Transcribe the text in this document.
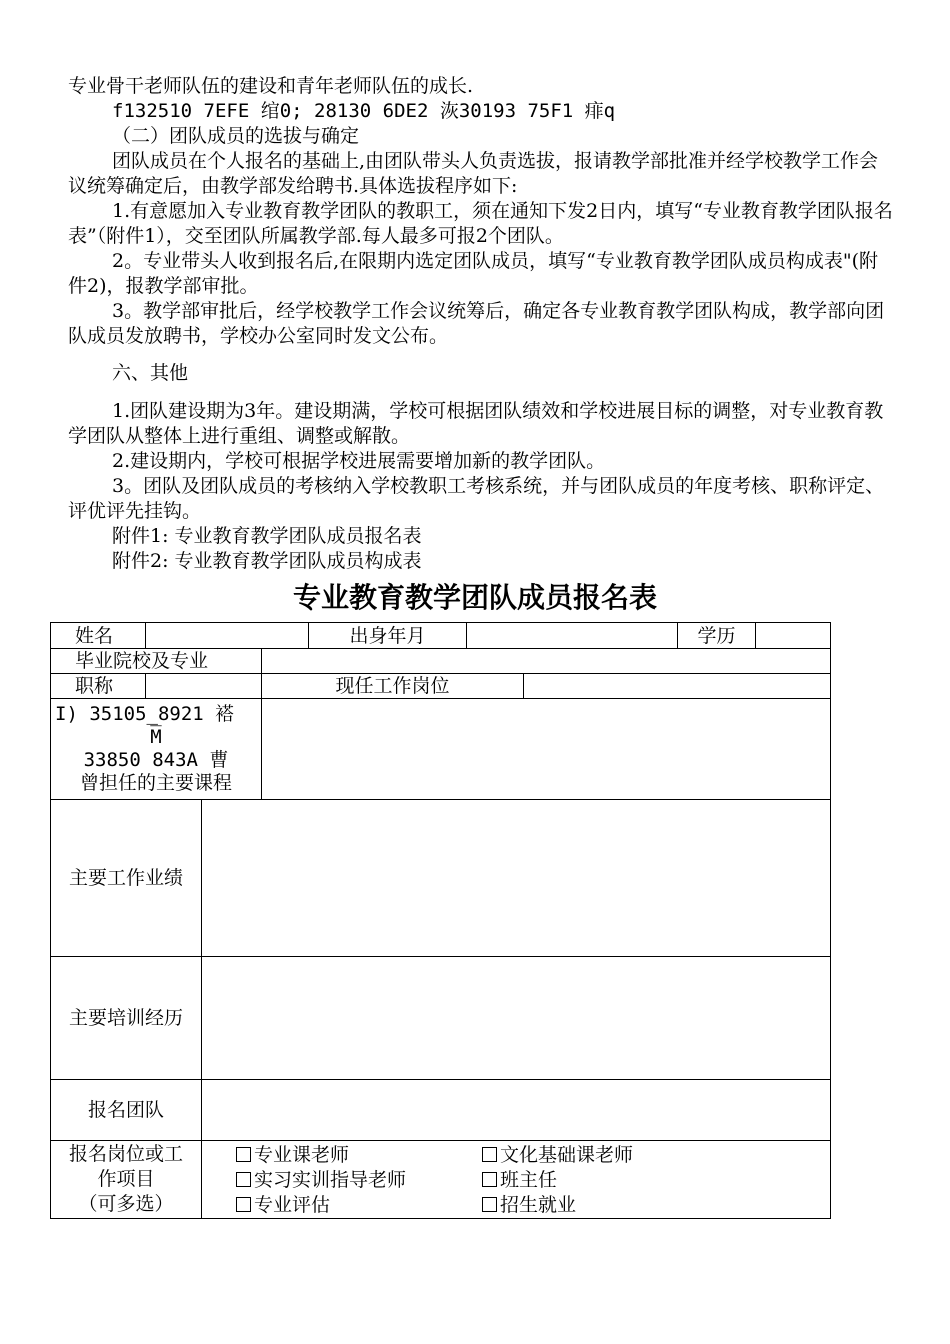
专业骨干老师队伍的建设和青年老师队伍的成长.
f132510 7EFE 绾0; 28130 6DE2 洃30193 75F1 痱q
（二）团队成员的选拔与确定
团队成员在个人报名的基础上,由团队带头人负责选拔，报请教学部批准并经学校教学工作会议统筹确定后，由教学部发给聘书.具体选拔程序如下:
1.有意愿加入专业教育教学团队的教职工，须在通知下发2日内，填写“专业教育教学团队报名表”（附件1），交至团队所属教学部.每人最多可报2个团队。
2。专业带头人收到报名后,在限期内选定团队成员，填写“专业教育教学团队成员构成表"(附件2)，报教学部审批。
3。教学部审批后，经学校教学工作会议统筹后，确定各专业教育教学团队构成，教学部向团队成员发放聘书，学校办公室同时发文公布。
六、其他
1.团队建设期为3年。建设期满，学校可根据团队绩效和学校进展目标的调整，对专业教育教学团队从整体上进行重组、调整或解散。
2.建设期内，学校可根据学校进展需要增加新的教学团队。
3。团队及团队成员的考核纳入学校教职工考核系统，并与团队成员的年度考核、职称评定、评优评先挂钩。
附件1: 专业教育教学团队成员报名表
附件2: 专业教育教学团队成员构成表
专业教育教学团队成员报名表
姓名				出身年月			学历	
毕业院校及专业								
职称			现任工作岗位					

I) 35105_8921 褡
M̅
33850 843A 曹
曾担任的主要课程								

主要工作业绩								
主要培训经历								
报名团队								

报名岗位或工
作项目
（可多选）								

专业课老师	文化基础课老师
实习实训指导老师	班主任
专业评估	招生就业
